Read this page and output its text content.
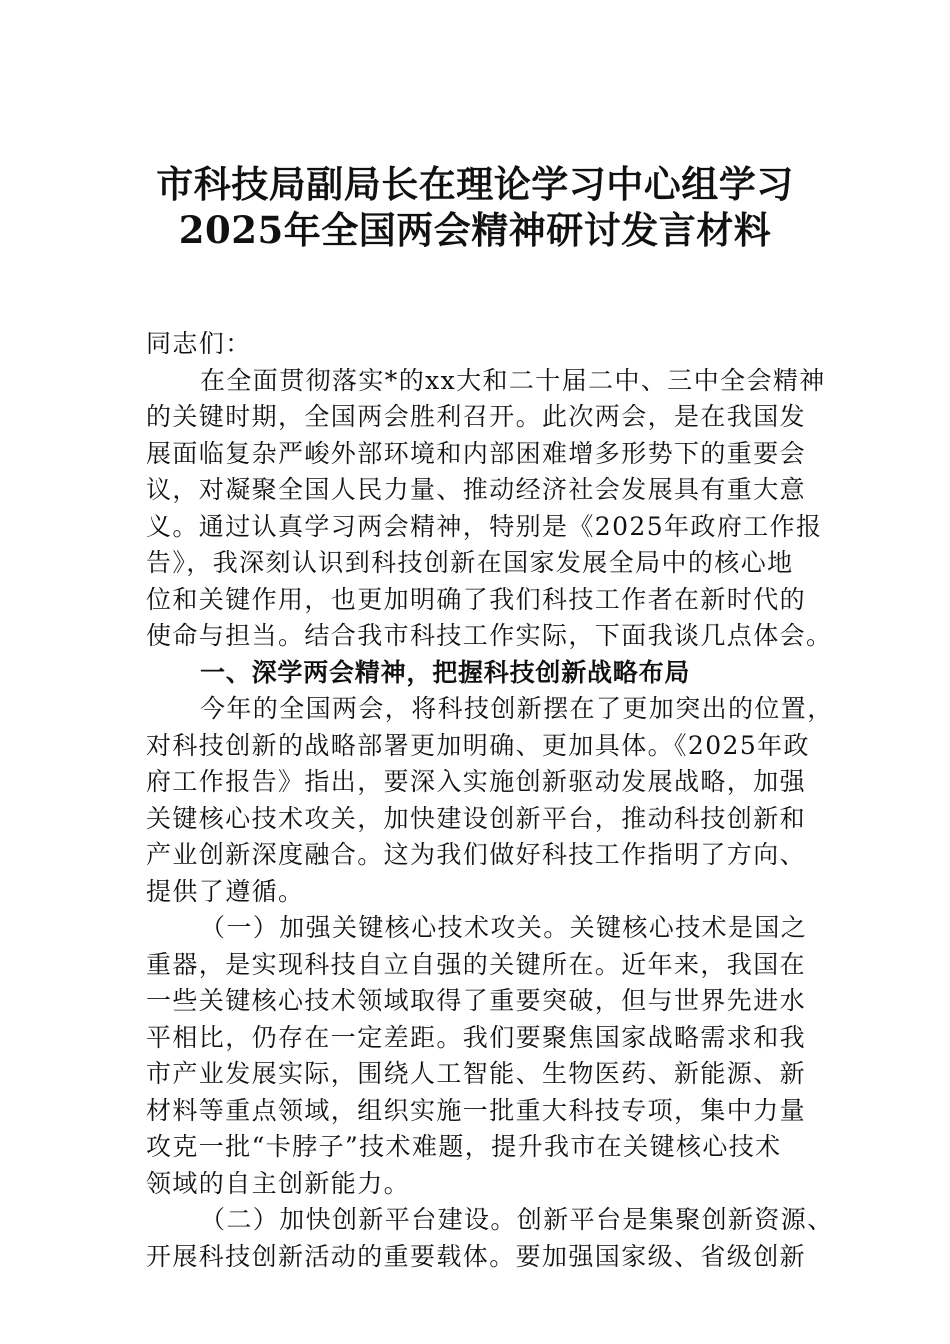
市科技局副局长在理论学习中心组学习
2025年全国两会精神研讨发言材料
同志们：
在全面贯彻落实*的xx大和二十届二中、三中全会精神
的关键时期，全国两会胜利召开。此次两会，是在我国发
展面临复杂严峻外部环境和内部困难增多形势下的重要会
议，对凝聚全国人民力量、推动经济社会发展具有重大意
义。通过认真学习两会精神，特别是《2025年政府工作报
告》，我深刻认识到科技创新在国家发展全局中的核心地
位和关键作用，也更加明确了我们科技工作者在新时代的
使命与担当。结合我市科技工作实际，下面我谈几点体会。
一、深学两会精神，把握科技创新战略布局
今年的全国两会，将科技创新摆在了更加突出的位置，
对科技创新的战略部署更加明确、更加具体。《2025年政
府工作报告》指出，要深入实施创新驱动发展战略，加强
关键核心技术攻关，加快建设创新平台，推动科技创新和
产业创新深度融合。这为我们做好科技工作指明了方向、
提供了遵循。
（一）加强关键核心技术攻关。关键核心技术是国之
重器，是实现科技自立自强的关键所在。近年来，我国在
一些关键核心技术领域取得了重要突破，但与世界先进水
平相比，仍存在一定差距。我们要聚焦国家战略需求和我
市产业发展实际，围绕人工智能、生物医药、新能源、新
材料等重点领域，组织实施一批重大科技专项，集中力量
攻克一批“卡脖子”技术难题，提升我市在关键核心技术
领域的自主创新能力。
（二）加快创新平台建设。创新平台是集聚创新资源、
开展科技创新活动的重要载体。要加强国家级、省级创新
